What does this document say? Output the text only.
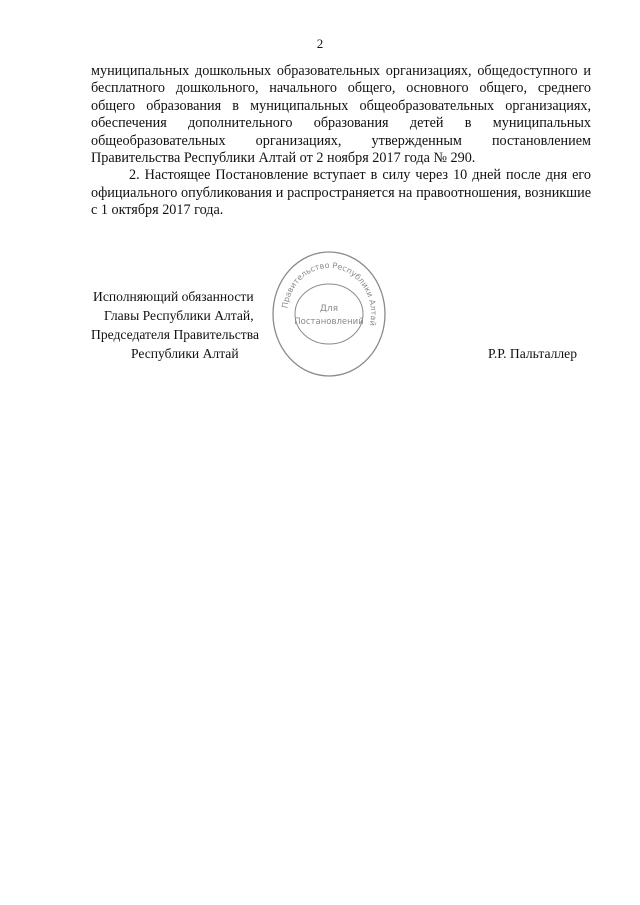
2

муниципальных дошкольных образовательных организациях, общедоступного и бесплатного дошкольного, начального общего, основного общего, среднего общего образования в муниципальных общеобразовательных организациях, обеспечения дополнительного образования детей в муниципальных общеобразовательных организациях, утвержденным постановлением Правительства Республики Алтай от 2 ноября 2017 года № 290.

2. Настоящее Постановление вступает в силу через 10 дней после дня его официального опубликования и распространяется на правоотношения, возникшие с 1 октября 2017 года.

Исполняющий обязанности
Главы Республики Алтай,
Председателя Правительства
Республики Алтай	Р.Р. Пальталлер
Правительство Республики Алтай
Для
Постановлений
